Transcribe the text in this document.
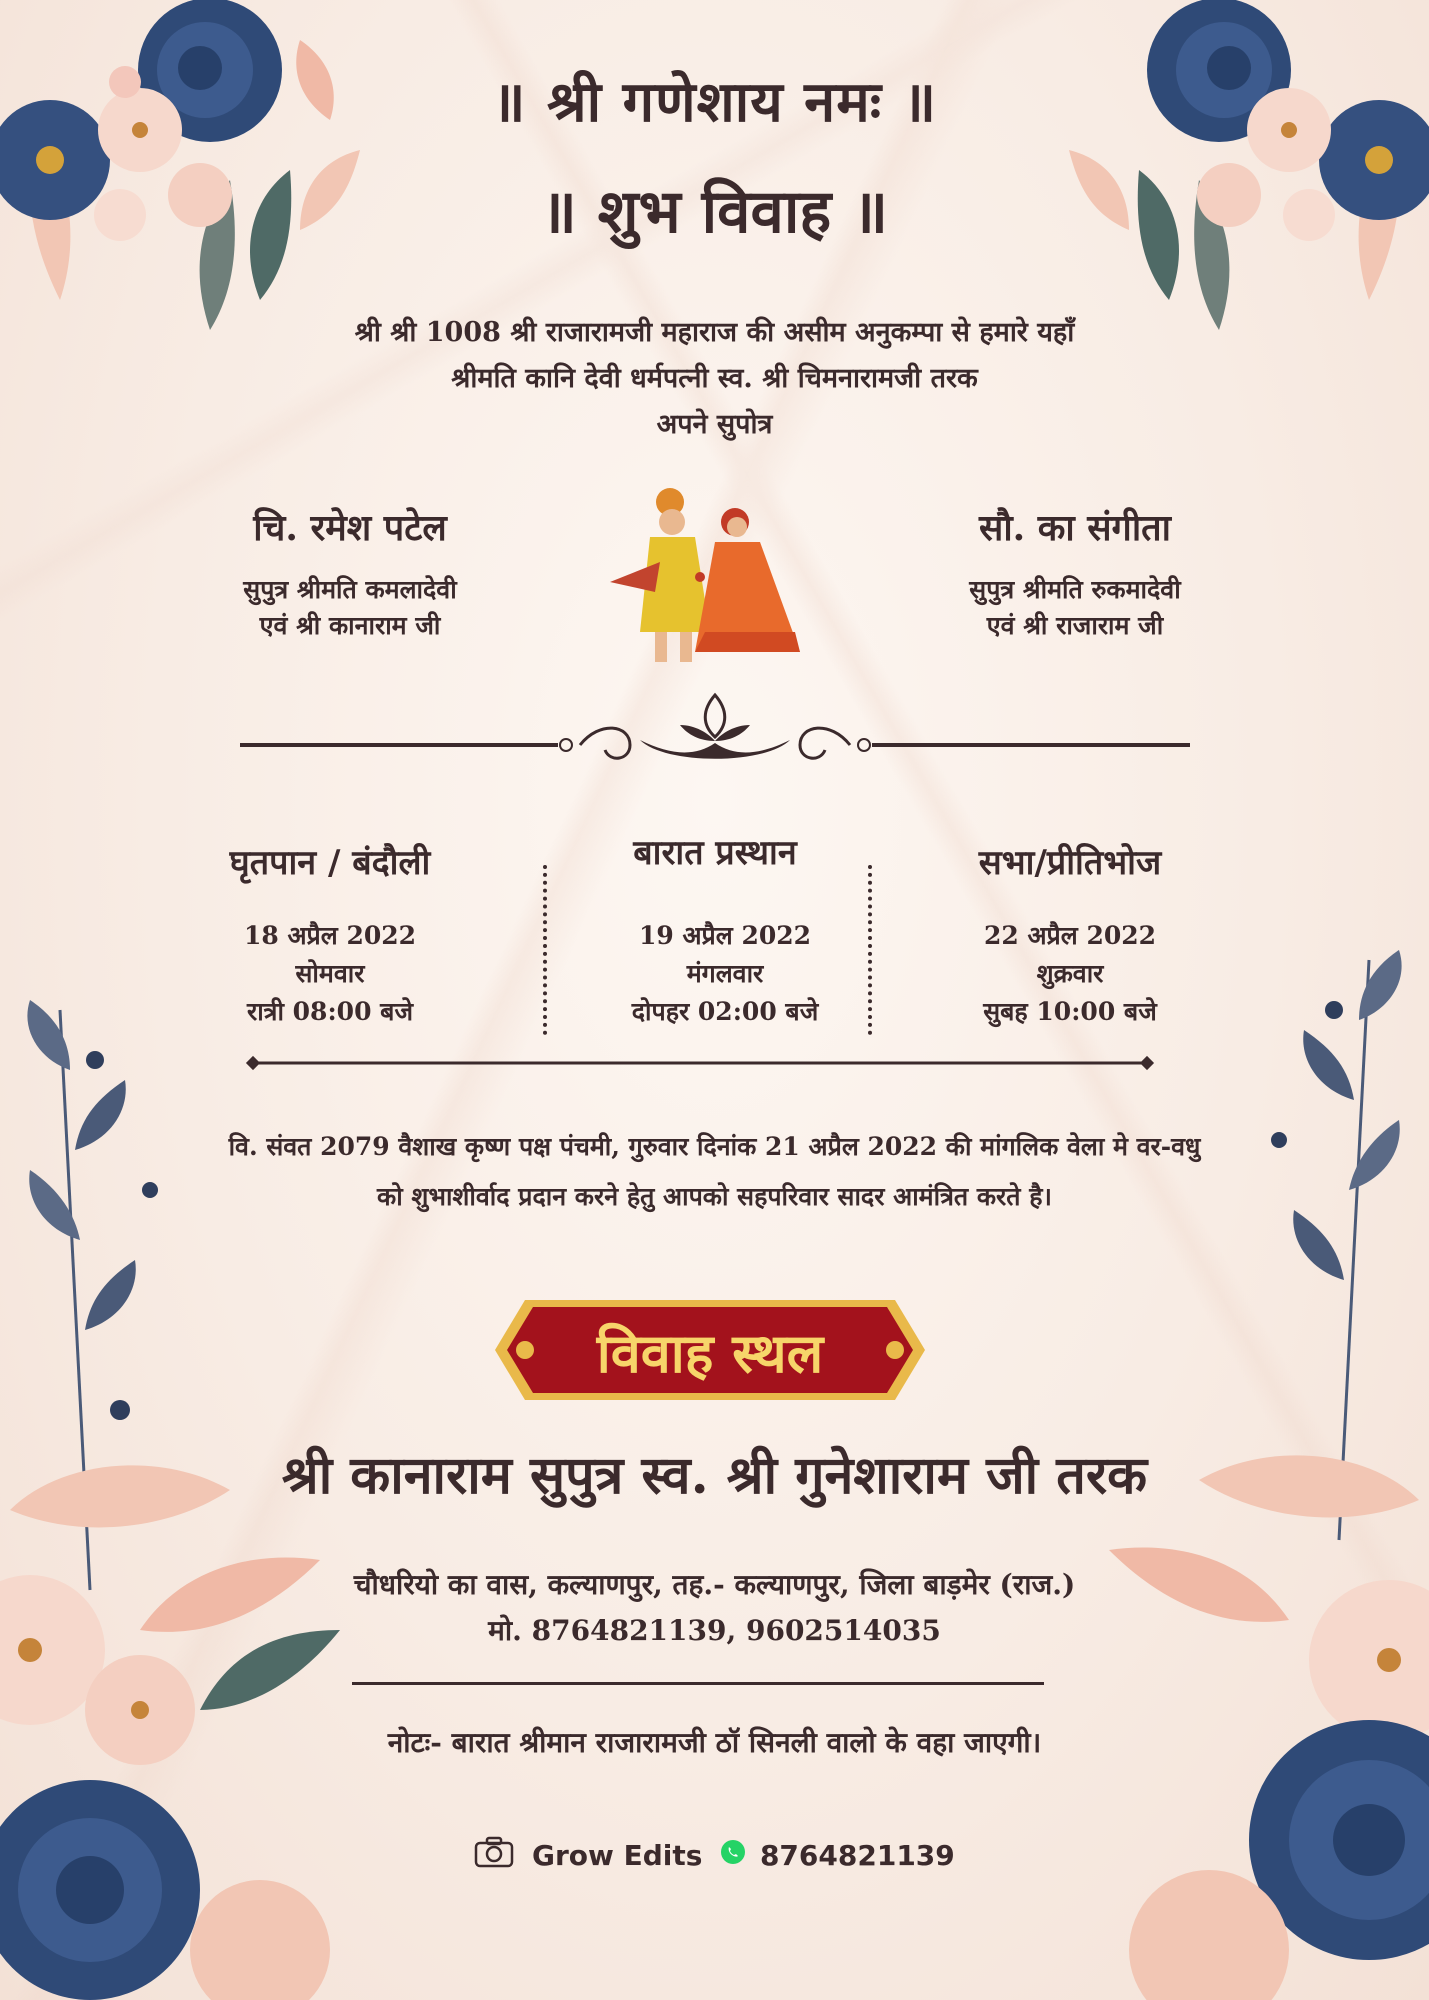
॥ श्री गणेशाय नमः ॥
॥ शुभ विवाह ॥
श्री श्री 1008 श्री राजारामजी महाराज की असीम अनुकम्पा से हमारे यहाँ
श्रीमति कानि देवी धर्मपत्नी स्व. श्री चिमनारामजी तरक
अपने सुपोत्र
चि. रमेश पटेल
सुपुत्र श्रीमति कमलादेवी
एवं श्री कानाराम जी
सौ. का संगीता
सुपुत्र श्रीमति रुकमादेवी
एवं श्री राजाराम जी
घृतपान / बंदौली
18 अप्रैल 2022
सोमवार
रात्री 08:00 बजे
बारात प्रस्थान
19 अप्रैल 2022
मंगलवार
दोपहर 02:00 बजे
सभा/प्रीतिभोज
22 अप्रैल 2022
शुक्रवार
सुबह 10:00 बजे
वि. संवत 2079 वैशाख कृष्ण पक्ष पंचमी, गुरुवार दिनांक 21 अप्रैल 2022 की मांगलिक वेला मे वर-वधु
को शुभाशीर्वाद प्रदान करने हेतु आपको सहपरिवार सादर आमंत्रित करते है।
विवाह स्थल
श्री कानाराम सुपुत्र स्व. श्री गुनेशाराम जी तरक
चौधरियो का वास, कल्याणपुर, तह.- कल्याणपुर, जिला बाड़मेर (राज.)
मो. 8764821139, 9602514035
नोटः- बारात श्रीमान राजारामजी ठॉ सिनली वालो के वहा जाएगी।
Grow Edits 8764821139
